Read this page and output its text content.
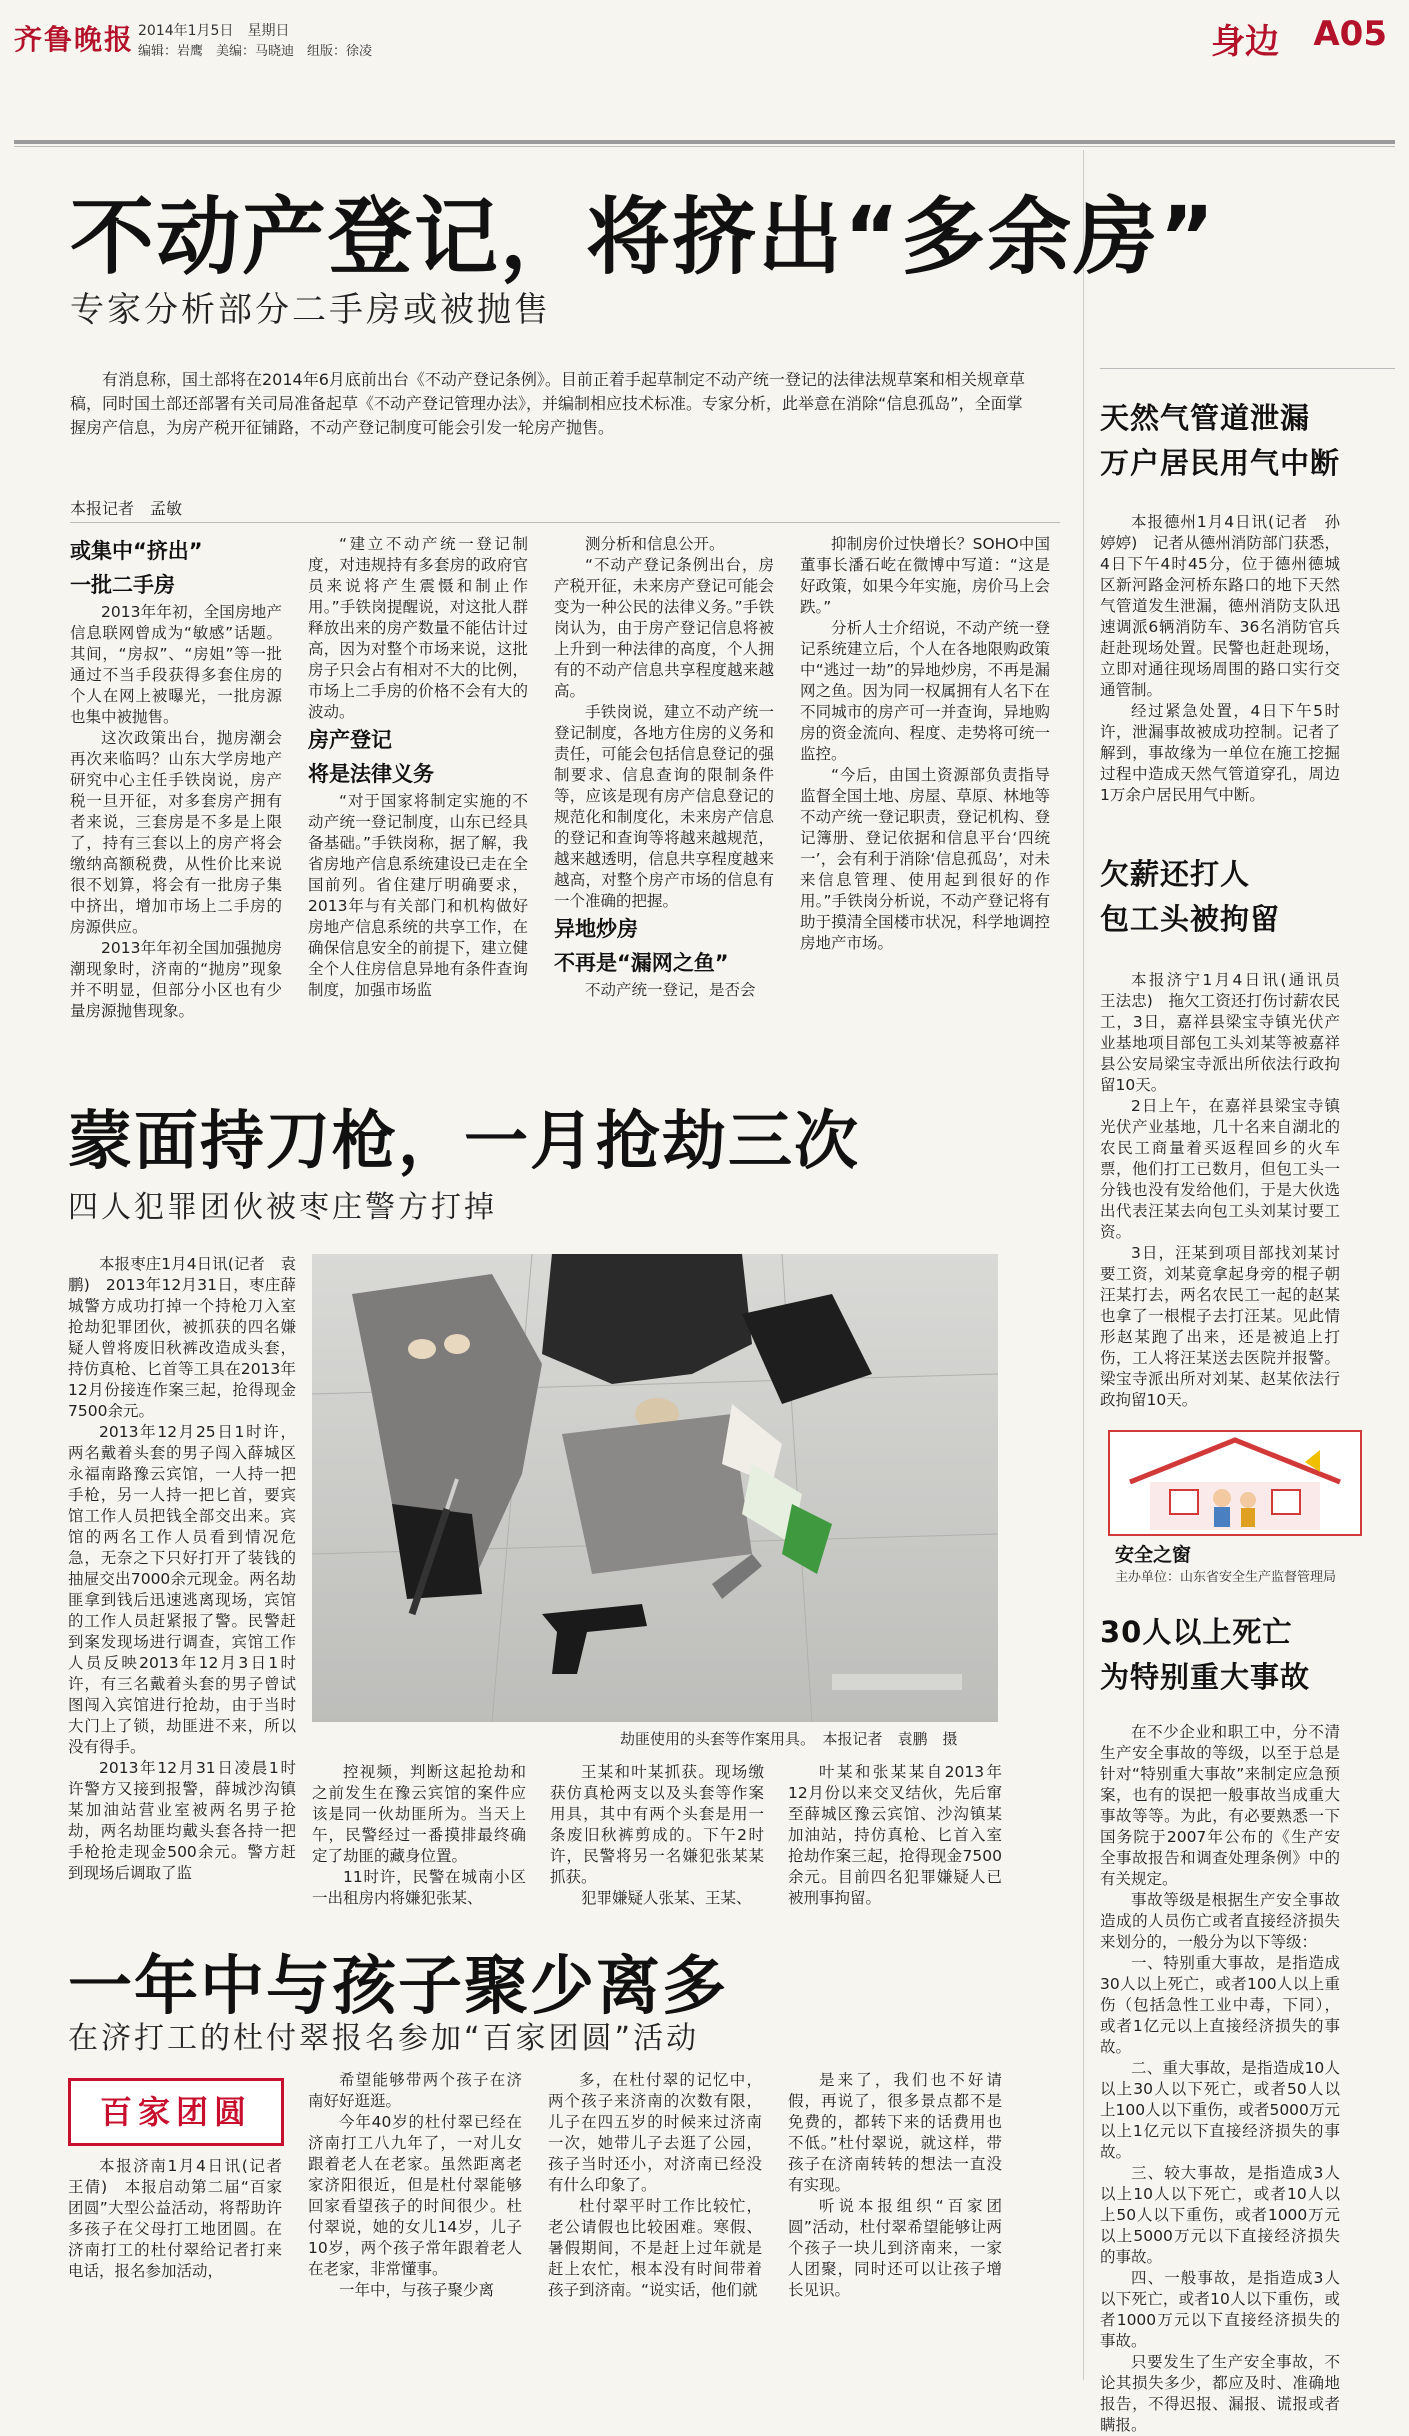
齐鲁晚报 2014年1月5日　星期日
编辑：岩鹰　美编：马晓迪　组版：徐凌	身边 A05
不动产登记，将挤出“多余房”
专家分析部分二手房或被抛售
有消息称，国土部将在2014年6月底前出台《不动产登记条例》。目前正着手起草制定不动产统一登记的法律法规草案和相关规章草稿，同时国土部还部署有关司局准备起草《不动产登记管理办法》，并编制相应技术标准。专家分析，此举意在消除“信息孤岛”，全面掌握房产信息，为房产税开征铺路，不动产登记制度可能会引发一轮房产抛售。
本报记者　孟敏
或集中“挤出”
一批二手房

2013年年初，全国房地产信息联网曾成为“敏感”话题。其间，“房叔”、“房姐”等一批通过不当手段获得多套住房的个人在网上被曝光，一批房源也集中被抛售。

这次政策出台，抛房潮会再次来临吗？山东大学房地产研究中心主任手铁岗说，房产税一旦开征，对多套房产拥有者来说，三套房是不多是上限了，持有三套以上的房产将会缴纳高额税费，从性价比来说很不划算，将会有一批房子集中挤出，增加市场上二手房的房源供应。

2013年年初全国加强抛房潮现象时，济南的“抛房”现象并不明显，但部分小区也有少量房源抛售现象。

“建立不动产统一登记制度，对违规持有多套房的政府官员来说将产生震慑和制止作用。”手铁岗提醒说，对这批人群释放出来的房产数量不能估计过高，因为对整个市场来说，这批房子只会占有相对不大的比例，市场上二手房的价格不会有大的波动。

房产登记
将是法律义务

“对于国家将制定实施的不动产统一登记制度，山东已经具备基础。”手铁岗称，据了解，我省房地产信息系统建设已走在全国前列。省住建厅明确要求，2013年与有关部门和机构做好房地产信息系统的共享工作，在确保信息安全的前提下，建立健全个人住房信息异地有条件查询制度，加强市场监

测分析和信息公开。

“不动产登记条例出台，房产税开征，未来房产登记可能会变为一种公民的法律义务。”手铁岗认为，由于房产登记信息将被上升到一种法律的高度，个人拥有的不动产信息共享程度越来越高。

手铁岗说，建立不动产统一登记制度，各地方住房的义务和责任，可能会包括信息登记的强制要求、信息查询的限制条件等，应该是现有房产信息登记的规范化和制度化，未来房产信息的登记和查询等将越来越规范，越来越透明，信息共享程度越来越高，对整个房产市场的信息有一个准确的把握。

异地炒房
不再是“漏网之鱼”

不动产统一登记，是否会

抑制房价过快增长？SOHO中国董事长潘石屹在微博中写道：“这是好政策，如果今年实施，房价马上会跌。”

分析人士介绍说，不动产统一登记系统建立后，个人在各地限购政策中“逃过一劫”的异地炒房，不再是漏网之鱼。因为同一权属拥有人名下在不同城市的房产可一并查询，异地购房的资金流向、程度、走势将可统一监控。

“今后，由国土资源部负责指导监督全国土地、房屋、草原、林地等不动产统一登记职责，登记机构、登记簿册、登记依据和信息平台‘四统一’，会有利于消除‘信息孤岛’，对未来信息管理、使用起到很好的作用。”手铁岗分析说，不动产登记将有助于摸清全国楼市状况，科学地调控房地产市场。

蒙面持刀枪，一月抢劫三次
四人犯罪团伙被枣庄警方打掉

本报枣庄1月4日讯(记者　袁鹏)　2013年12月31日，枣庄薛城警方成功打掉一个持枪刀入室抢劫犯罪团伙，被抓获的四名嫌疑人曾将废旧秋裤改造成头套，持仿真枪、匕首等工具在2013年12月份接连作案三起，抢得现金7500余元。

2013年12月25日1时许，两名戴着头套的男子闯入薛城区永福南路豫云宾馆，一人持一把手枪，另一人持一把匕首，要宾馆工作人员把钱全部交出来。宾馆的两名工作人员看到情况危急，无奈之下只好打开了装钱的抽屉交出7000余元现金。两名劫匪拿到钱后迅速逃离现场，宾馆的工作人员赶紧报了警。民警赶到案发现场进行调查，宾馆工作人员反映2013年12月3日1时许，有三名戴着头套的男子曾试图闯入宾馆进行抢劫，由于当时大门上了锁，劫匪进不来，所以没有得手。

2013年12月31日凌晨1时许警方又接到报警，薛城沙沟镇某加油站营业室被两名男子抢劫，两名劫匪均戴头套各持一把手枪抢走现金500余元。警方赶到现场后调取了监

劫匪使用的头套等作案用具。　本报记者　袁鹏　摄

控视频，判断这起抢劫和之前发生在豫云宾馆的案件应该是同一伙劫匪所为。当天上午，民警经过一番摸排最终确定了劫匪的藏身位置。

11时许，民警在城南小区一出租房内将嫌犯张某、

王某和叶某抓获。现场缴获仿真枪两支以及头套等作案用具，其中有两个头套是用一条废旧秋裤剪成的。下午2时许，民警将另一名嫌犯张某某抓获。

犯罪嫌疑人张某、王某、

叶某和张某某自2013年12月份以来交叉结伙，先后窜至薛城区豫云宾馆、沙沟镇某加油站，持仿真枪、匕首入室抢劫作案三起，抢得现金7500余元。目前四名犯罪嫌疑人已被刑事拘留。

一年中与孩子聚少离多
在济打工的杜付翠报名参加“百家团圆”活动
百家团圆

本报济南1月4日讯(记者　王倩)　本报启动第二届“百家团圆”大型公益活动，将帮助许多孩子在父母打工地团圆。在济南打工的杜付翠给记者打来电话，报名参加活动，

希望能够带两个孩子在济南好好逛逛。

今年40岁的杜付翠已经在济南打工八九年了，一对儿女跟着老人在老家。虽然距离老家济阳很近，但是杜付翠能够回家看望孩子的时间很少。杜付翠说，她的女儿14岁，儿子10岁，两个孩子常年跟着老人在老家，非常懂事。

一年中，与孩子聚少离

多，在杜付翠的记忆中，两个孩子来济南的次数有限，儿子在四五岁的时候来过济南一次，她带儿子去逛了公园，孩子当时还小，对济南已经没有什么印象了。

杜付翠平时工作比较忙，老公请假也比较困难。寒假、暑假期间，不是赶上过年就是赶上农忙，根本没有时间带着孩子到济南。“说实话，他们就

是来了，我们也不好请假，再说了，很多景点都不是免费的，都转下来的话费用也不低。”杜付翠说，就这样，带孩子在济南转转的想法一直没有实现。

听说本报组织“百家团圆”活动，杜付翠希望能够让两个孩子一块儿到济南来，一家人团聚，同时还可以让孩子增长见识。

天然气管道泄漏
万户居民用气中断

本报德州1月4日讯(记者　孙婷婷)　记者从德州消防部门获悉，4日下午4时45分，位于德州德城区新河路金河桥东路口的地下天然气管道发生泄漏，德州消防支队迅速调派6辆消防车、36名消防官兵赶赴现场处置。民警也赶赴现场，立即对通往现场周围的路口实行交通管制。

经过紧急处置，4日下午5时许，泄漏事故被成功控制。记者了解到，事故缘为一单位在施工挖掘过程中造成天然气管道穿孔，周边1万余户居民用气中断。

欠薪还打人
包工头被拘留

本报济宁1月4日讯(通讯员　王法忠)　拖欠工资还打伤讨薪农民工，3日，嘉祥县梁宝寺镇光伏产业基地项目部包工头刘某等被嘉祥县公安局梁宝寺派出所依法行政拘留10天。

2日上午，在嘉祥县梁宝寺镇光伏产业基地，几十名来自湖北的农民工商量着买返程回乡的火车票，他们打工已数月，但包工头一分钱也没有发给他们，于是大伙选出代表汪某去向包工头刘某讨要工资。

3日，汪某到项目部找刘某讨要工资，刘某竟拿起身旁的棍子朝汪某打去，两名农民工一起的赵某也拿了一根棍子去打汪某。见此情形赵某跑了出来，还是被追上打伤，工人将汪某送去医院并报警。梁宝寺派出所对刘某、赵某依法行政拘留10天。

安全之窗
主办单位：山东省安全生产监督管理局
30人以上死亡
为特别重大事故

在不少企业和职工中，分不清生产安全事故的等级，以至于总是针对“特别重大事故”来制定应急预案，也有的误把一般事故当成重大事故等等。为此，有必要熟悉一下国务院于2007年公布的《生产安全事故报告和调查处理条例》中的有关规定。

事故等级是根据生产安全事故造成的人员伤亡或者直接经济损失来划分的，一般分为以下等级：

一、特别重大事故，是指造成30人以上死亡，或者100人以上重伤（包括急性工业中毒，下同），或者1亿元以上直接经济损失的事故。

二、重大事故，是指造成10人以上30人以下死亡，或者50人以上100人以下重伤，或者5000万元以上1亿元以下直接经济损失的事故。

三、较大事故，是指造成3人以上10人以下死亡，或者10人以上50人以下重伤，或者1000万元以上5000万元以下直接经济损失的事故。

四、一般事故，是指造成3人以下死亡，或者10人以下重伤，或者1000万元以下直接经济损失的事故。

只要发生了生产安全事故，不论其损失多少，都应及时、准确地报告，不得迟报、漏报、谎报或者瞒报。
